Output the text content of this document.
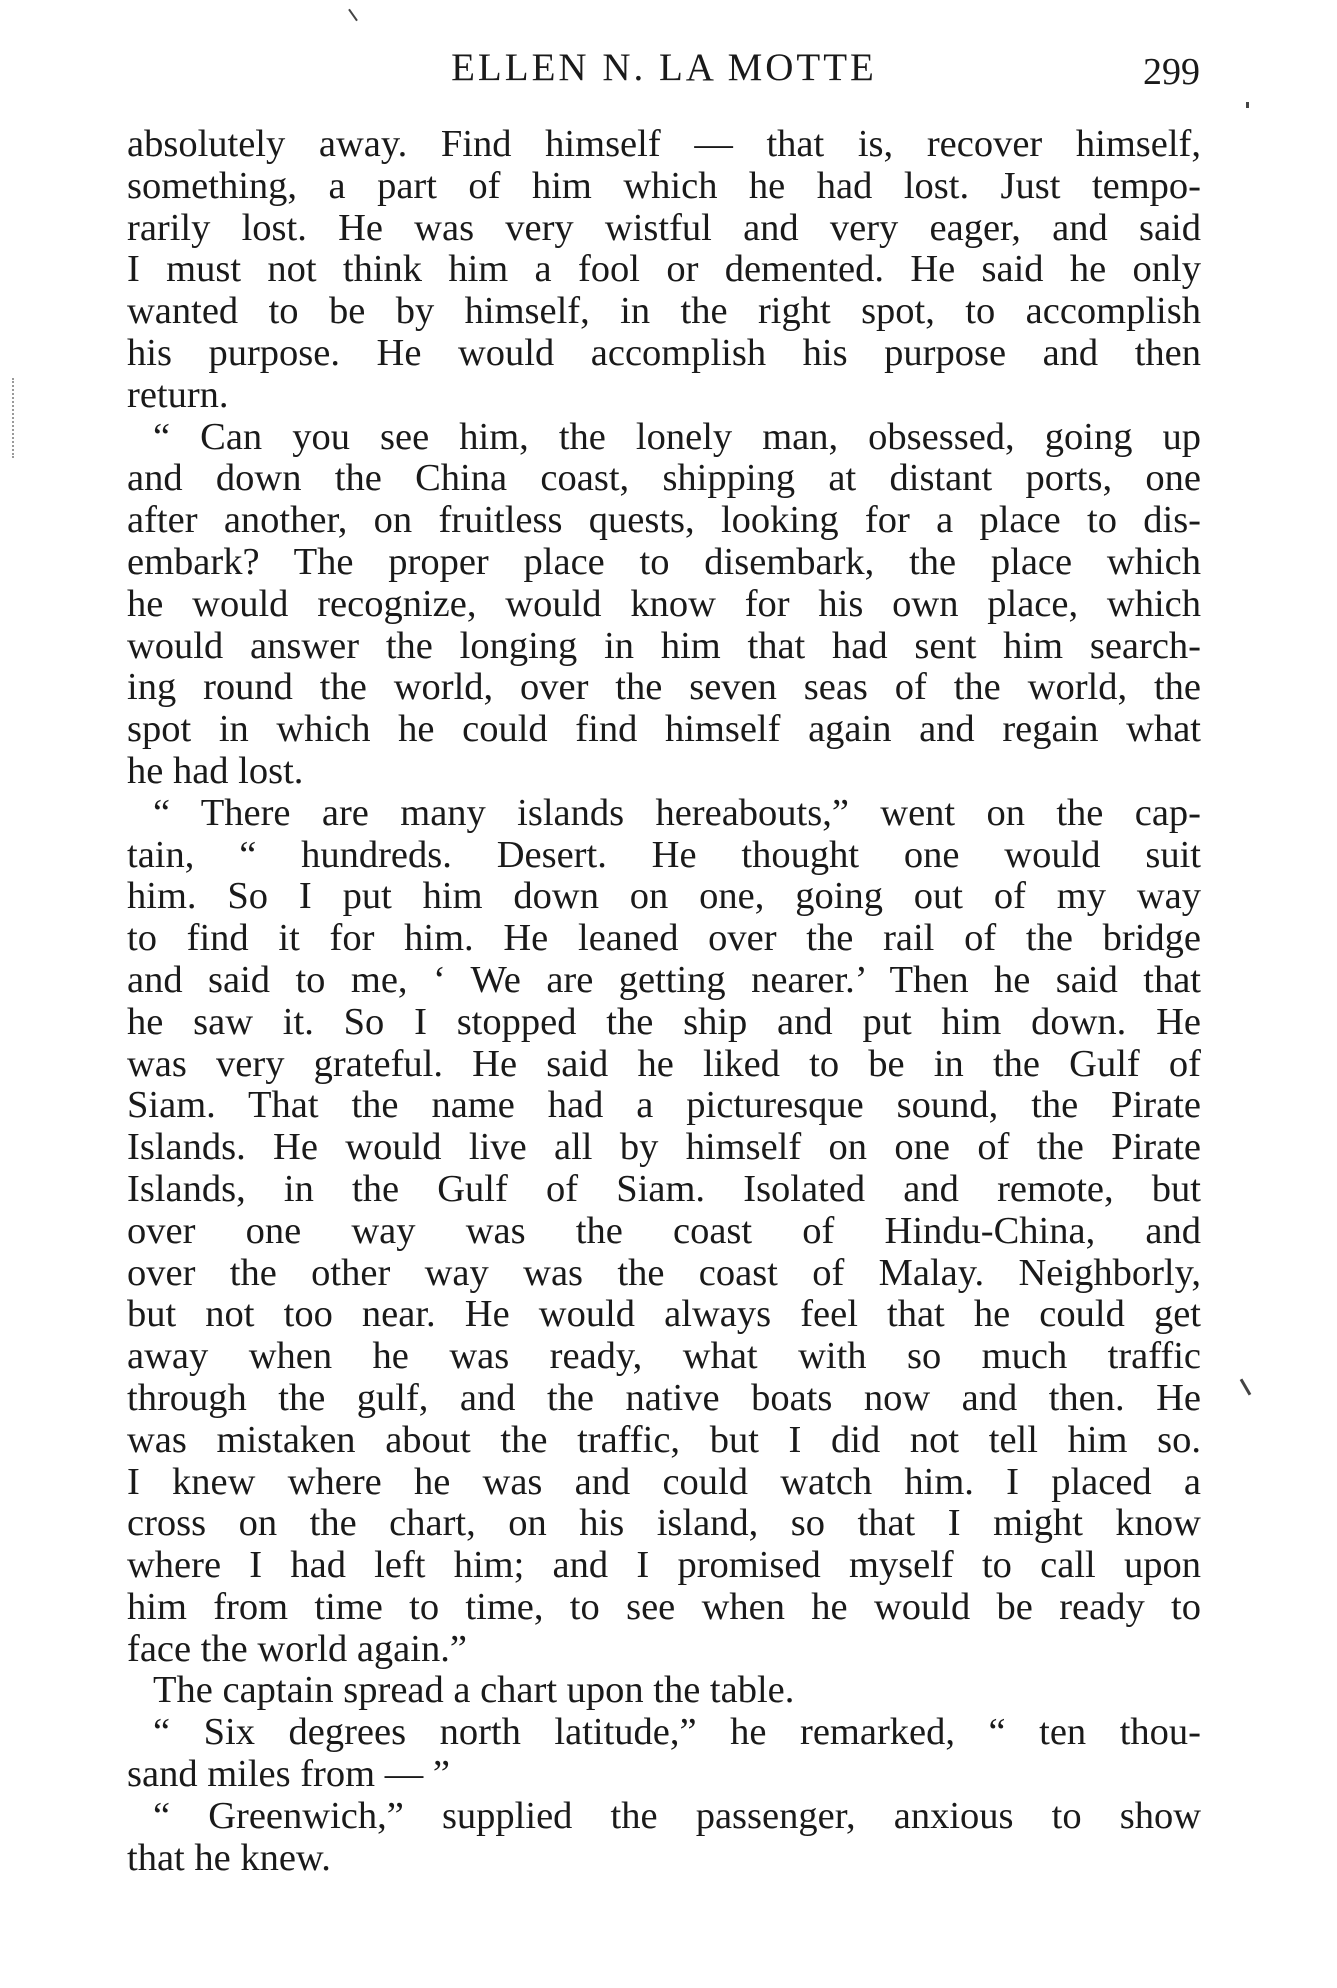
ELLEN N. LA MOTTE	299
absolutely away. Find himself — that is, recover himself,
something, a part of him which he had lost. Just tempo-
rarily lost. He was very wistful and very eager, and said
I must not think him a fool or demented. He said he only
wanted to be by himself, in the right spot, to accomplish
his purpose. He would accomplish his purpose and then
return.
“ Can you see him, the lonely man, obsessed, going up
and down the China coast, shipping at distant ports, one
after another, on fruitless quests, looking for a place to dis-
embark? The proper place to disembark, the place which
he would recognize, would know for his own place, which
would answer the longing in him that had sent him search-
ing round the world, over the seven seas of the world, the
spot in which he could find himself again and regain what
he had lost.
“ There are many islands hereabouts,” went on the cap-
tain, “ hundreds. Desert. He thought one would suit
him. So I put him down on one, going out of my way
to find it for him. He leaned over the rail of the bridge
and said to me, ‘ We are getting nearer.’ Then he said that
he saw it. So I stopped the ship and put him down. He
was very grateful. He said he liked to be in the Gulf of
Siam. That the name had a picturesque sound, the Pirate
Islands. He would live all by himself on one of the Pirate
Islands, in the Gulf of Siam. Isolated and remote, but
over one way was the coast of Hindu-China, and
over the other way was the coast of Malay. Neighborly,
but not too near. He would always feel that he could get
away when he was ready, what with so much traffic
through the gulf, and the native boats now and then. He
was mistaken about the traffic, but I did not tell him so.
I knew where he was and could watch him. I placed a
cross on the chart, on his island, so that I might know
where I had left him; and I promised myself to call upon
him from time to time, to see when he would be ready to
face the world again.”
The captain spread a chart upon the table.
“ Six degrees north latitude,” he remarked, “ ten thou-
sand miles from — ”
“ Greenwich,” supplied the passenger, anxious to show
that he knew.
